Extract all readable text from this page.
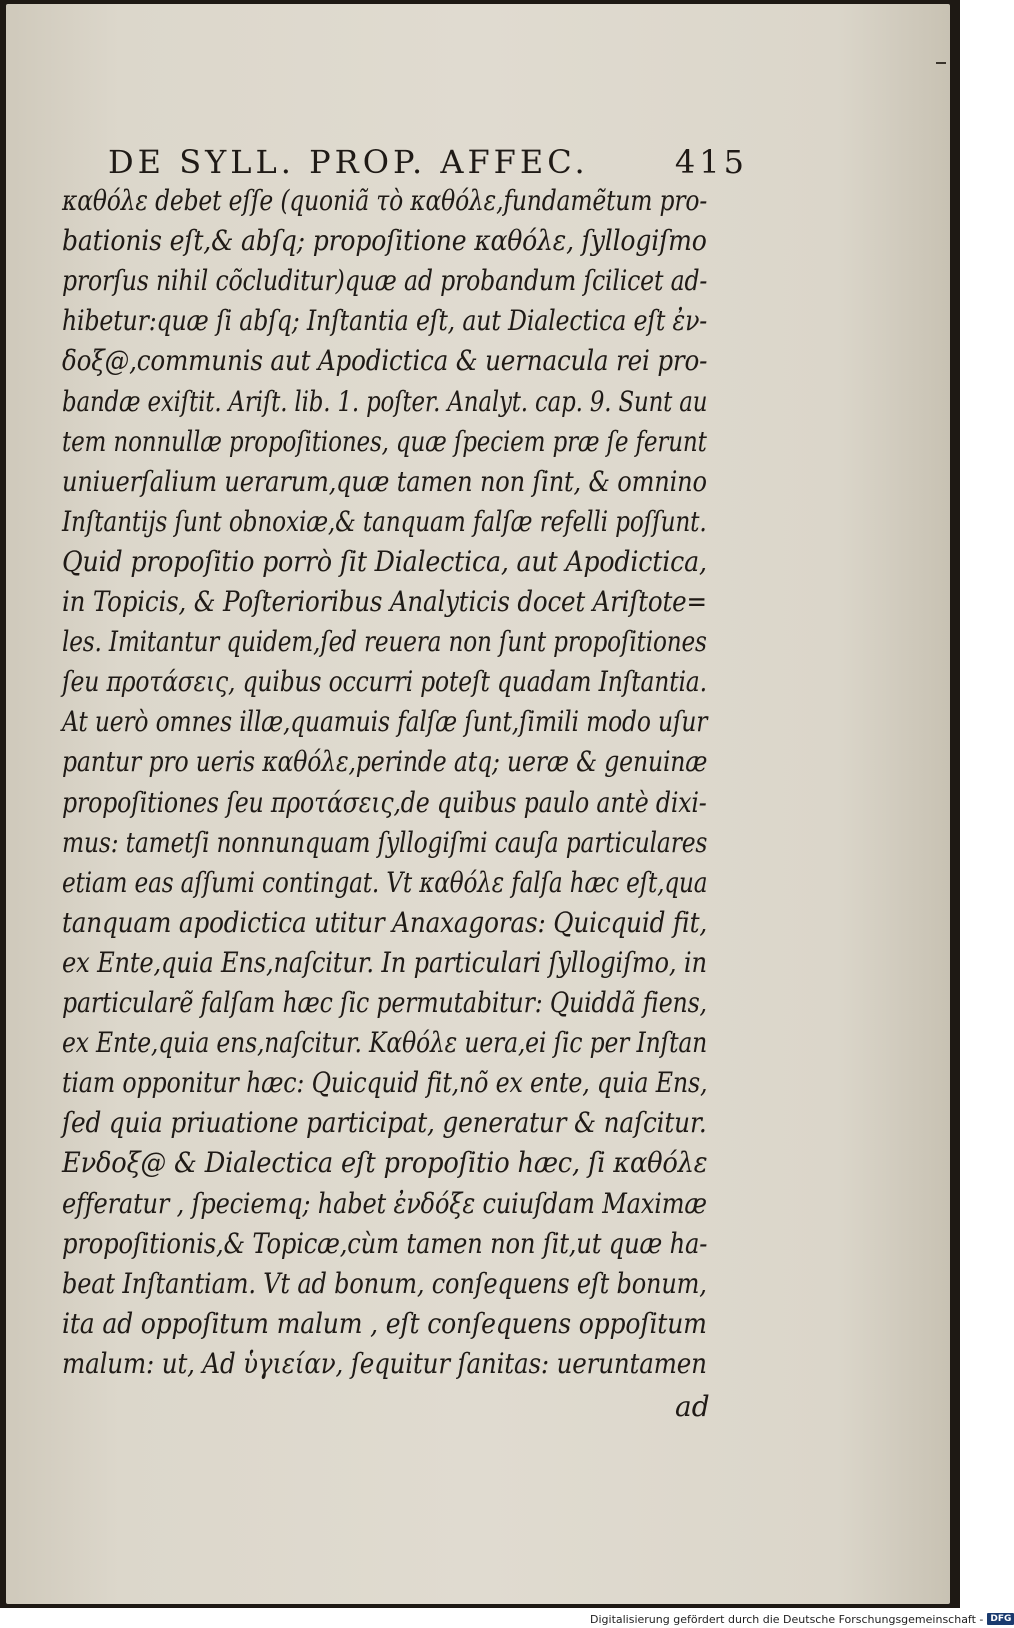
DE SYLL. PROP. AFFEC.	415
καθόλε debet eſſe (quoniã τὸ καθόλε,fundamẽtum pro-
bationis eſt,& abſq; propoſitione καθόλε, ſyllogiſmo
prorſus nihil cõcluditur)quæ ad probandum ſcilicet ad-
hibetur:quæ ſi abſq; Inſtantia eſt, aut Dialectica eſt ἐν-
δοξ@,communis aut Apodictica & uernacula rei pro-
bandæ exiſtit. Ariſt. lib. 1. poſter. Analyt. cap. 9. Sunt au
tem nonnullæ propoſitiones, quæ ſpeciem præ ſe ferunt
uniuerſalium uerarum,quæ tamen non ſint, & omnino
Inſtantijs ſunt obnoxiæ,& tanquam falſæ refelli poſſunt.
Quid propoſitio porrò ſit Dialectica, aut Apodictica,
in Topicis, & Poſterioribus Analyticis docet Ariſtote=
les. Imitantur quidem,ſed reuera non ſunt propoſitiones
ſeu προτάσεις, quibus occurri poteſt quadam Inſtantia.
At uerò omnes illæ,quamuis falſæ ſunt,ſimili modo uſur
pantur pro ueris καθόλε,perinde atq; ueræ & genuinæ
propoſitiones ſeu προτάσεις,de quibus paulo antè dixi-
mus: tametſi nonnunquam ſyllogiſmi cauſa particulares
etiam eas aſſumi contingat. Vt καθόλε falſa hæc eſt,qua
tanquam apodictica utitur Anaxagoras: Quicquid fit,
ex Ente,quia Ens,naſcitur. In particulari ſyllogiſmo, in
particularẽ falſam hæc ſic permutabitur: Quiddã fiens,
ex Ente,quia ens,naſcitur. Καθόλε uera,ei ſic per Inſtan
tiam opponitur hæc: Quicquid fit,nõ ex ente, quia Ens,
ſed quia priuatione participat, generatur & naſcitur.
Ενδοξ@ & Dialectica eſt propoſitio hæc, ſi καθόλε
efferatur , ſpeciemq; habet ἐνδόξε cuiuſdam Maximæ
propoſitionis,& Topicæ,cùm tamen non ſit,ut quæ ha-
beat Inſtantiam. Vt ad bonum, conſequens eſt bonum,
ita ad oppoſitum malum , eſt conſequens oppoſitum
malum: ut, Ad ὑγιείαν, ſequitur ſanitas: ueruntamen
ad
Digitalisierung gefördert durch die Deutsche Forschungsgemeinschaft - DFG
